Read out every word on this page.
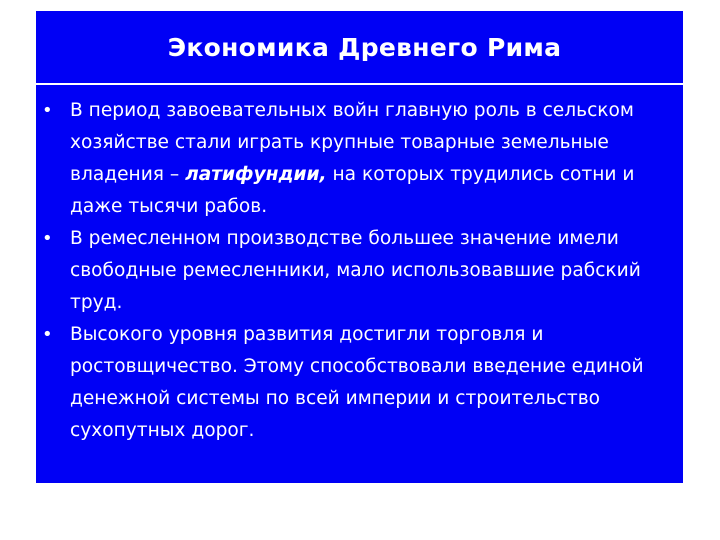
Экономика Древнего Рима
• В период завоевательных войн главную роль в сельском хозяйстве стали играть крупные товарные земельные владения – латифундии, на которых трудились сотни и даже тысячи рабов.
• В ремесленном производстве большее значение имели свободные ремесленники, мало использовавшие рабский труд.
• Высокого уровня развития достигли торговля и ростовщичество. Этому способствовали введение единой денежной системы по всей империи и строительство сухопутных дорог.
